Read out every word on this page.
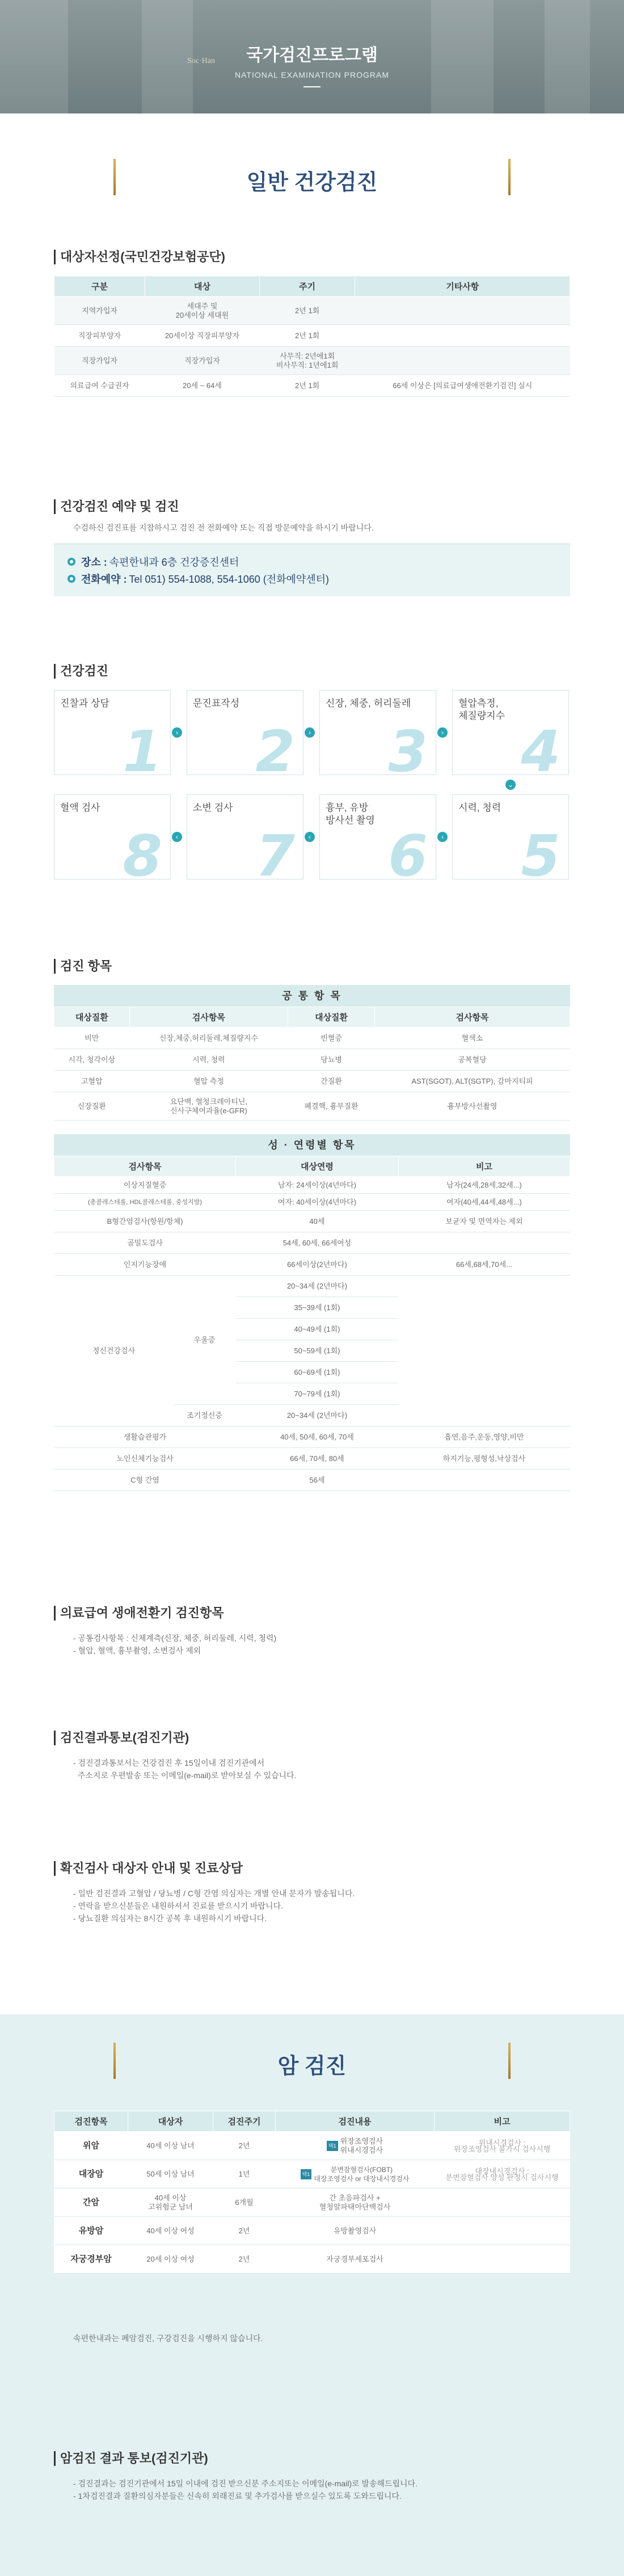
Soc·Han	국가검진프로그램
NATIONAL EXAMINATION PROGRAM
일반 건강검진
대상자선정(국민건강보험공단)
구분	대상	주기	기타사항
지역가입자	세대주 및
20세이상 세대원	2년 1회	
직장피부양자	20세이상 직장피부양자	2년 1회	
직장가입자	직장가입자	사무직: 2년에1회
비사무직: 1년에1회	
의료급여 수급권자	20세 ~ 64세	2년 1회	66세 이상은 [의료급여생애전환기검진] 실시
건강검진 예약 및 검진
수검하신 검진표를 지참하시고 검진 전 전화예약 또는 직접 방문예약을 하시기 바랍니다.
장소 : 속편한내과 6층 건강증진센터
전화예약 : Tel 051) 554-1088, 554-1060 (전화예약센터)
건강검진
진찰과 상담
1	›
문진표작성
2	›
신장, 체중, 허리둘레
3	›
혈압측정,
체질량지수
4
⌄
혈액 검사
8	‹
소변 검사
7	‹
흉부, 유방
방사선 촬영
6	‹
시력, 청력
5
검진 항목
공 통 항 목
대상질환	검사항목	대상질환	검사항목
비만	신장,체중,허리둘레,체질량지수	빈혈증	혈색소
시각, 청각이상	시력, 청력	당뇨병	공복혈당
고혈압	혈압 측정	간질환	AST(SGOT), ALT(SGTP), 감마지티피
신장질환	요단백, 혈청크레아티닌,
신사구체여과율(e-GFR)	폐결핵, 흉부질환	흉부방사선촬영
성 · 연령별 항목
검사항목		대상연령	비고
이상지질혈증		남자: 24세이상(4년마다)	남자(24세,28세,32세...)
(총콜레스테롤, HDL콜레스테롤, 중성지방)		여자: 40세이상(4년마다)	여자(40세,44세,48세...)
B형간염검사(항원/항체)		40세	보균자 및 면역자는 제외
골밀도검사		54세, 60세, 66세여성	
인지기능장애		66세이상(2년마다)	66세,68세,70세...
정신건강검사	우울증	20~34세 (2년마다)	
		35~39세 (1회)	
		40~49세 (1회)	
		50~59세 (1회)	
		60~69세 (1회)	
		70~79세 (1회)	
	조기정신증	20~34세 (2년마다)	
생활습관평가		40세, 50세, 60세, 70세	흡연,음주,운동,영양,비만
노인신체기능검사		66세, 70세, 80세	하지기능,평형성,낙상검사
C형 간염		56세	
의료급여 생애전환기 검진항목
- 공통검사항목 : 신체계측(신장, 체중, 허리둘레, 시력, 청력)
- 혈압, 혈액, 흉부촬영, 소변검사 제외
검진결과통보(검진기관)
- 검진결과통보서는 건강검진 후 15일이내 검진기관에서
주소지로 우편발송 또는 이메일(e-mail)로 받아보실 수 있습니다.
확진검사 대상자 안내 및 진료상담
- 일반 검진결과 고혈압 / 당뇨병 / C형 간염 의심자는 개별 안내 문자가 발송됩니다.
- 연락을 받으신분들은 내원하셔서 진료를 받으시기 바랍니다.
- 당뇨질환 의심자는 8시간 공복 후 내원하시기 바랍니다.
암 검진
검진항목	대상자	검진주기	검진내용	비고
위암	40세 이상 남녀	2년	택1위장조영검사
위내시경검사	위내시경검사 :
위장조영검사 불가시 검사시행
대장암	50세 이상 남녀	1년	택1분변잠혈검사(FOBT)
대장조영검사 or 대장내시경검사	대장내시경검사 :
분변잠혈검사 양성 판정시 검사시행
간암	40세 이상
고위험군 남녀	6개월	간 초음파검사 +
혈청알파태아단백검사	
유방암	40세 이상 여성	2년	유방촬영검사	
자궁경부암	20세 이상 여성	2년	자궁경부세포검사	
속편한내과는 폐암검진, 구강검진을 시행하지 않습니다.
암검진 결과 통보(검진기관)
- 검진결과는 검진기관에서 15일 이내에 검진 받으신분 주소지또는 이메일(e-mail)로 발송해드립니다.
- 1차검진결과 질환의심자분들은 신속히 외래진료 및 추가검사를 받으실수 있도록 도와드립니다.
